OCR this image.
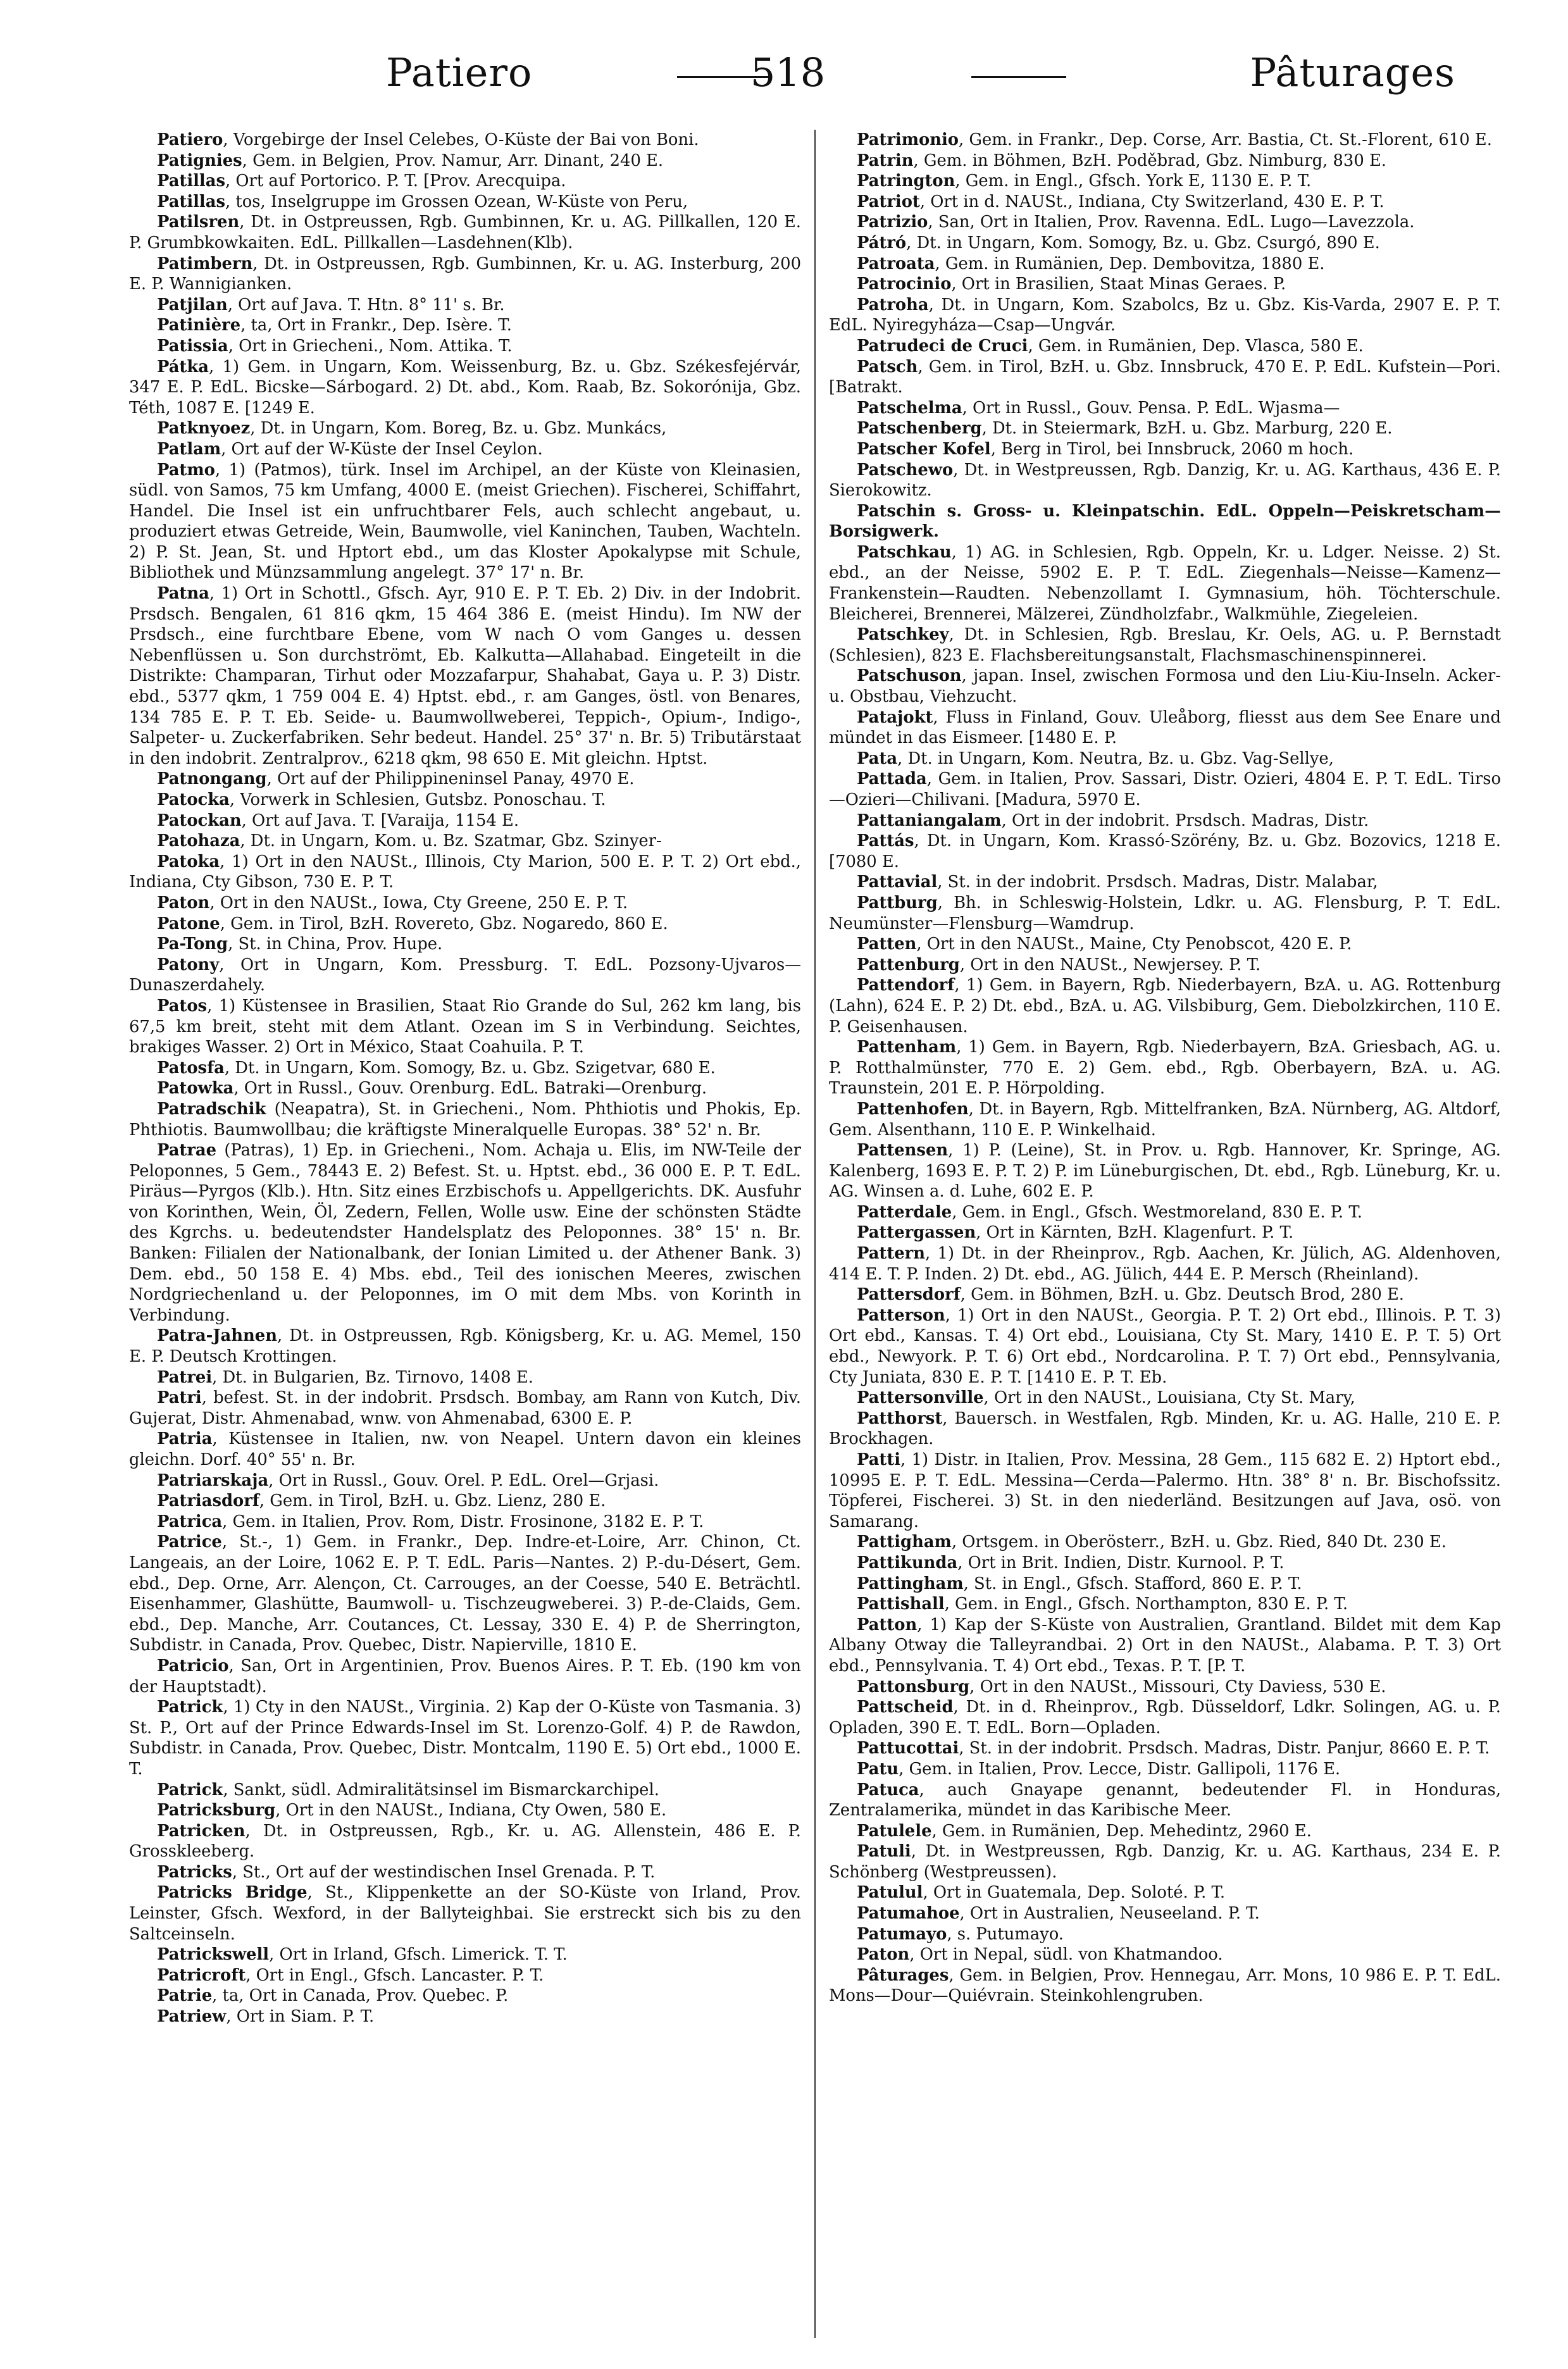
Patiero	518	Pâturages

Patiero, Vorgebirge der Insel Celebes, O-Küste der Bai von Boni.

Patignies, Gem. in Belgien, Prov. Namur, Arr. Dinant, 240 E.

Patillas, Ort auf Portorico. P. T. [Prov. Arecquipa.

Patillas, tos, Inselgruppe im Grossen Ozean, W-Küste von Peru,

Patilsren, Dt. in Ostpreussen, Rgb. Gumbinnen, Kr. u. AG. Pillkallen, 120 E. P. Grumbkowkaiten. EdL. Pillkallen—Lasdehnen(Klb).

Patimbern, Dt. in Ostpreussen, Rgb. Gumbinnen, Kr. u. AG. Insterburg, 200 E. P. Wannigianken.

Patjilan, Ort auf Java. T. Htn. 8° 11' s. Br.

Patinière, ta, Ort in Frankr., Dep. Isère. T.

Patissia, Ort in Griecheni., Nom. Attika. T.

Pátka, 1) Gem. in Ungarn, Kom. Weissenburg, Bz. u. Gbz. Székesfejérvár, 347 E. P. EdL. Bicske—Sárbogard. 2) Dt. abd., Kom. Raab, Bz. Sokorónija, Gbz. Téth, 1087 E. [1249 E.

Patknyoez, Dt. in Ungarn, Kom. Boreg, Bz. u. Gbz. Munkács,

Patlam, Ort auf der W-Küste der Insel Ceylon.

Patmo, 1) (Patmos), türk. Insel im Archipel, an der Küste von Kleinasien, südl. von Samos, 75 km Umfang, 4000 E. (meist Griechen). Fischerei, Schiffahrt, Handel. Die Insel ist ein unfruchtbarer Fels, auch schlecht angebaut, u. produziert etwas Getreide, Wein, Baumwolle, viel Kaninchen, Tauben, Wachteln. 2) P. St. Jean, St. und Hptort ebd., um das Kloster Apokalypse mit Schule, Bibliothek und Münzsammlung angelegt. 37° 17' n. Br.

Patna, 1) Ort in Schottl., Gfsch. Ayr, 910 E. P. T. Eb. 2) Div. in der Indobrit. Prsdsch. Bengalen, 61 816 qkm, 15 464 386 E. (meist Hindu). Im NW der Prsdsch., eine furchtbare Ebene, vom W nach O vom Ganges u. dessen Nebenflüssen u. Son durchströmt, Eb. Kalkutta—Allahabad. Eingeteilt in die Distrikte: Champaran, Tirhut oder Mozzafarpur, Shahabat, Gaya u. P. 3) Distr. ebd., 5377 qkm, 1 759 004 E. 4) Hptst. ebd., r. am Ganges, östl. von Benares, 134 785 E. P. T. Eb. Seide- u. Baumwollweberei, Teppich-, Opium-, Indigo-, Salpeter- u. Zuckerfabriken. Sehr bedeut. Handel. 25° 37' n. Br. 5) Tributärstaat in den indobrit. Zentralprov., 6218 qkm, 98 650 E. Mit gleichn. Hptst.

Patnongang, Ort auf der Philippineninsel Panay, 4970 E.

Patocka, Vorwerk in Schlesien, Gutsbz. Ponoschau. T.

Patockan, Ort auf Java. T. [Varaija, 1154 E.

Patohaza, Dt. in Ungarn, Kom. u. Bz. Szatmar, Gbz. Szinyer-

Patoka, 1) Ort in den NAUSt., Illinois, Cty Marion, 500 E. P. T. 2) Ort ebd., Indiana, Cty Gibson, 730 E. P. T.

Paton, Ort in den NAUSt., Iowa, Cty Greene, 250 E. P. T.

Patone, Gem. in Tirol, BzH. Rovereto, Gbz. Nogaredo, 860 E.

Pa-Tong, St. in China, Prov. Hupe.

Patony, Ort in Ungarn, Kom. Pressburg. T. EdL. Pozsony-Ujvaros—Dunaszerdahely.

Patos, 1) Küstensee in Brasilien, Staat Rio Grande do Sul, 262 km lang, bis 67,5 km breit, steht mit dem Atlant. Ozean im S in Verbindung. Seichtes, brakiges Wasser. 2) Ort in México, Staat Coahuila. P. T.

Patosfa, Dt. in Ungarn, Kom. Somogy, Bz. u. Gbz. Szigetvar, 680 E.

Patowka, Ort in Russl., Gouv. Orenburg. EdL. Batraki—Orenburg.

Patradschik (Neapatra), St. in Griecheni., Nom. Phthiotis und Phokis, Ep. Phthiotis. Baumwollbau; die kräftigste Mineralquelle Europas. 38° 52' n. Br.

Patrae (Patras), 1) Ep. in Griecheni., Nom. Achaja u. Elis, im NW-Teile der Peloponnes, 5 Gem., 78443 E. 2) Befest. St. u. Hptst. ebd., 36 000 E. P. T. EdL. Piräus—Pyrgos (Klb.). Htn. Sitz eines Erzbischofs u. Appellgerichts. DK. Ausfuhr von Korinthen, Wein, Öl, Zedern, Fellen, Wolle usw. Eine der schönsten Städte des Kgrchs. u. bedeutendster Handelsplatz des Peloponnes. 38° 15' n. Br. Banken: Filialen der Nationalbank, der Ionian Limited u. der Athener Bank. 3) Dem. ebd., 50 158 E. 4) Mbs. ebd., Teil des ionischen Meeres, zwischen Nordgriechenland u. der Peloponnes, im O mit dem Mbs. von Korinth in Verbindung.

Patra-Jahnen, Dt. in Ostpreussen, Rgb. Königsberg, Kr. u. AG. Memel, 150 E. P. Deutsch Krottingen.

Patrei, Dt. in Bulgarien, Bz. Tirnovo, 1408 E.

Patri, befest. St. in der indobrit. Prsdsch. Bombay, am Rann von Kutch, Div. Gujerat, Distr. Ahmenabad, wnw. von Ahmenabad, 6300 E. P.

Patria, Küstensee in Italien, nw. von Neapel. Untern davon ein kleines gleichn. Dorf. 40° 55' n. Br.

Patriarskaja, Ort in Russl., Gouv. Orel. P. EdL. Orel—Grjasi.

Patriasdorf, Gem. in Tirol, BzH. u. Gbz. Lienz, 280 E.

Patrica, Gem. in Italien, Prov. Rom, Distr. Frosinone, 3182 E. P. T.

Patrice, St.-, 1) Gem. in Frankr., Dep. Indre-et-Loire, Arr. Chinon, Ct. Langeais, an der Loire, 1062 E. P. T. EdL. Paris—Nantes. 2) P.-du-Désert, Gem. ebd., Dep. Orne, Arr. Alençon, Ct. Carrouges, an der Coesse, 540 E. Beträchtl. Eisenhammer, Glashütte, Baumwoll- u. Tischzeugweberei. 3) P.-de-Claids, Gem. ebd., Dep. Manche, Arr. Coutances, Ct. Lessay, 330 E. 4) P. de Sherrington, Subdistr. in Canada, Prov. Quebec, Distr. Napierville, 1810 E.

Patricio, San, Ort in Argentinien, Prov. Buenos Aires. P. T. Eb. (190 km von der Hauptstadt).

Patrick, 1) Cty in den NAUSt., Virginia. 2) Kap der O-Küste von Tasmania. 3) St. P., Ort auf der Prince Edwards-Insel im St. Lorenzo-Golf. 4) P. de Rawdon, Subdistr. in Canada, Prov. Quebec, Distr. Montcalm, 1190 E. 5) Ort ebd., 1000 E. T.

Patrick, Sankt, südl. Admiralitätsinsel im Bismarckarchipel.

Patricksburg, Ort in den NAUSt., Indiana, Cty Owen, 580 E.

Patricken, Dt. in Ostpreussen, Rgb., Kr. u. AG. Allenstein, 486 E. P. Grossklееberg.

Patricks, St., Ort auf der westindischen Insel Grenada. P. T.

Patricks Bridge, St., Klippenkette an der SO-Küste von Irland, Prov. Leinster, Gfsch. Wexford, in der Ballyteighbai. Sie erstreckt sich bis zu den Saltceinseln.

Patrickswell, Ort in Irland, Gfsch. Limerick. T. T.

Patricroft, Ort in Engl., Gfsch. Lancaster. P. T.

Patrie, ta, Ort in Canada, Prov. Quebec. P.

Patriew, Ort in Siam. P. T.

Patrimonio, Gem. in Frankr., Dep. Corse, Arr. Bastia, Ct. St.-Florent, 610 E.

Patrin, Gem. in Böhmen, BzH. Poděbrad, Gbz. Nimburg, 830 E.

Patrington, Gem. in Engl., Gfsch. York E, 1130 E. P. T.

Patriot, Ort in d. NAUSt., Indiana, Cty Switzerland, 430 E. P. T.

Patrizio, San, Ort in Italien, Prov. Ravenna. EdL. Lugo—Lavezzola.

Pátró, Dt. in Ungarn, Kom. Somogy, Bz. u. Gbz. Csurgó, 890 E.

Patroata, Gem. in Rumänien, Dep. Dembovitza, 1880 E.

Patrocinio, Ort in Brasilien, Staat Minas Geraes. P.

Patroha, Dt. in Ungarn, Kom. Szabolcs, Bz u. Gbz. Kis-Varda, 2907 E. P. T. EdL. Nyiregyháza—Csap—Ungvár.

Patrudeci de Cruci, Gem. in Rumänien, Dep. Vlasca, 580 E.

Patsch, Gem. in Tirol, BzH. u. Gbz. Innsbruck, 470 E. P. EdL. Kufstein—Pori. [Batrakt.

Patschelma, Ort in Russl., Gouv. Pensa. P. EdL. Wjasma—

Patschenberg, Dt. in Steiermark, BzH. u. Gbz. Marburg, 220 E.

Patscher Kofel, Berg in Tirol, bei Innsbruck, 2060 m hoch.

Patschewo, Dt. in Westpreussen, Rgb. Danzig, Kr. u. AG. Karthaus, 436 E. P. Sierokowitz.

Patschin s. Gross- u. Kleinpatschin. EdL. Oppeln—Peiskretscham—Borsigwerk.

Patschkau, 1) AG. in Schlesien, Rgb. Oppeln, Kr. u. Ldger. Neisse. 2) St. ebd., an der Neisse, 5902 E. P. T. EdL. Ziegenhals—Neisse—Kamenz—Frankenstein—Raudten. Nebenzollamt I. Gymnasium, höh. Töchterschule. Bleicherei, Brennerei, Mälzerei, Zündholzfabr., Walkmühle, Ziegeleien.

Patschkey, Dt. in Schlesien, Rgb. Breslau, Kr. Oels, AG. u. P. Bernstadt (Schlesien), 823 E. Flachsbereitungsanstalt, Flachsmaschinenspinnerei.

Patschuson, japan. Insel, zwischen Formosa und den Liu-Kiu-Inseln. Acker- u. Obstbau, Viehzucht.

Patajokt, Fluss in Finland, Gouv. Uleåborg, fliesst aus dem See Enare und mündet in das Eismeer. [1480 E. P.

Pata, Dt. in Ungarn, Kom. Neutra, Bz. u. Gbz. Vag-Sellye,

Pattada, Gem. in Italien, Prov. Sassari, Distr. Ozieri, 4804 E. P. T. EdL. Tirso—Ozieri—Chilivani. [Madura, 5970 E.

Pattaniangalam, Ort in der indobrit. Prsdsch. Madras, Distr.

Pattás, Dt. in Ungarn, Kom. Krassó-Szörény, Bz. u. Gbz. Bozovics, 1218 E. [7080 E.

Pattavial, St. in der indobrit. Prsdsch. Madras, Distr. Malabar,

Pattburg, Bh. in Schleswig-Holstein, Ldkr. u. AG. Flensburg, P. T. EdL. Neumünster—Flensburg—Wamdrup.

Patten, Ort in den NAUSt., Maine, Cty Penobscot, 420 E. P.

Pattenburg, Ort in den NAUSt., Newjersey. P. T.

Pattendorf, 1) Gem. in Bayern, Rgb. Niederbayern, BzA. u. AG. Rottenburg (Lahn), 624 E. P. 2) Dt. ebd., BzA. u. AG. Vilsbiburg, Gem. Diebolzkirchen, 110 E. P. Geisenhausen.

Pattenham, 1) Gem. in Bayern, Rgb. Niederbayern, BzA. Griesbach, AG. u. P. Rotthalmünster, 770 E. 2) Gem. ebd., Rgb. Oberbayern, BzA. u. AG. Traunstein, 201 E. P. Hörpolding.

Pattenhofen, Dt. in Bayern, Rgb. Mittelfranken, BzA. Nürnberg, AG. Altdorf, Gem. Alsenthann, 110 E. P. Winkelhaid.

Pattensen, 1) P. (Leine), St. in Prov. u. Rgb. Hannover, Kr. Springe, AG. Kalenberg, 1693 E. P. T. 2) P. im Lüneburgischen, Dt. ebd., Rgb. Lüneburg, Kr. u. AG. Winsen a. d. Luhe, 602 E. P.

Patterdale, Gem. in Engl., Gfsch. Westmoreland, 830 E. P. T.

Pattergassen, Ort in Kärnten, BzH. Klagenfurt. P. T.

Pattern, 1) Dt. in der Rheinprov., Rgb. Aachen, Kr. Jülich, AG. Aldenhoven, 414 E. T. P. Inden. 2) Dt. ebd., AG. Jülich, 444 E. P. Mersch (Rheinland).

Pattersdorf, Gem. in Böhmen, BzH. u. Gbz. Deutsch Brod, 280 E.

Patterson, 1) Ort in den NAUSt., Georgia. P. T. 2) Ort ebd., Illinois. P. T. 3) Ort ebd., Kansas. T. 4) Ort ebd., Louisiana, Cty St. Mary, 1410 E. P. T. 5) Ort ebd., Newyork. P. T. 6) Ort ebd., Nordcarolina. P. T. 7) Ort ebd., Pennsylvania, Cty Juniata, 830 E. P. T. [1410 E. P. T. Eb.

Pattersonville, Ort in den NAUSt., Louisiana, Cty St. Mary,

Patthorst, Bauersch. in Westfalen, Rgb. Minden, Kr. u. AG. Halle, 210 E. P. Brockhagen.

Patti, 1) Distr. in Italien, Prov. Messina, 28 Gem., 115 682 E. 2) Hptort ebd., 10995 E. P. T. EdL. Messina—Cerda—Palermo. Htn. 38° 8' n. Br. Bischofssitz. Töpferei, Fischerei. 3) St. in den niederländ. Besitzungen auf Java, osö. von Samarang.

Pattigham, Ortsgem. in Oberösterr., BzH. u. Gbz. Ried, 840 Dt. 230 E.

Pattikunda, Ort in Brit. Indien, Distr. Kurnool. P. T.

Pattingham, St. in Engl., Gfsch. Stafford, 860 E. P. T.

Pattishall, Gem. in Engl., Gfsch. Northampton, 830 E. P. T.

Patton, 1) Kap der S-Küste von Australien, Grantland. Bildet mit dem Kap Albany Otway die Talleyrandbai. 2) Ort in den NAUSt., Alabama. P. T. 3) Ort ebd., Pennsylvania. T. 4) Ort ebd., Texas. P. T. [P. T.

Pattonsburg, Ort in den NAUSt., Missouri, Cty Daviess, 530 E.

Pattscheid, Dt. in d. Rheinprov., Rgb. Düsseldorf, Ldkr. Solingen, AG. u. P. Opladen, 390 E. T. EdL. Born—Opladen.

Pattucottai, St. in der indobrit. Prsdsch. Madras, Distr. Panjur, 8660 E. P. T.

Patu, Gem. in Italien, Prov. Lecce, Distr. Gallipoli, 1176 E.

Patuca, auch Gnayape genannt, bedeutender Fl. in Honduras, Zentralamerika, mündet in das Karibische Meer.

Patulele, Gem. in Rumänien, Dep. Mehedintz, 2960 E.

Patuli, Dt. in Westpreussen, Rgb. Danzig, Kr. u. AG. Karthaus, 234 E. P. Schönberg (Westpreussen).

Patulul, Ort in Guatemala, Dep. Soloté. P. T.

Patumahoe, Ort in Australien, Neuseeland. P. T.

Patumayo, s. Putumayo.

Paton, Ort in Nepal, südl. von Khatmandoo.

Pâturages, Gem. in Belgien, Prov. Hennegau, Arr. Mons, 10 986 E. P. T. EdL. Mons—Dour—Quiévrain. Steinkohlengruben.
